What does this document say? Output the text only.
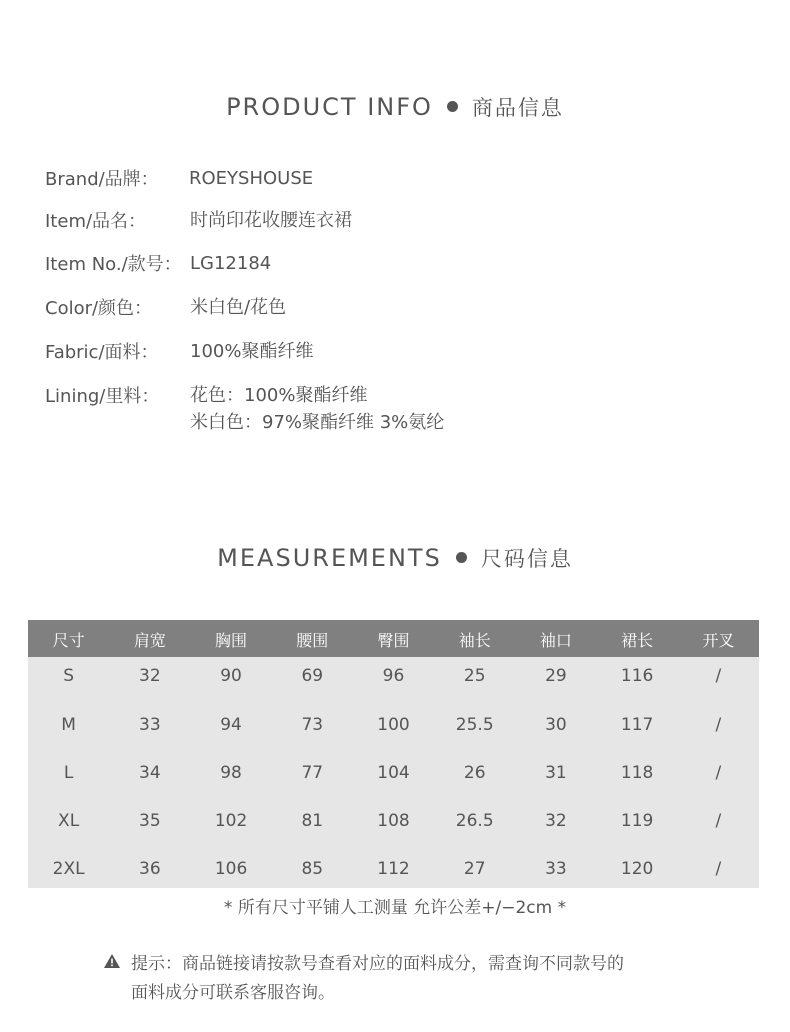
PRODUCT INFO 商品信息
Brand/品牌： ROEYSHOUSE
Item/品名： 时尚印花收腰连衣裙
Item No./款号： LG12184
Color/颜色： 米白色/花色
Fabric/面料： 100%聚酯纤维
Lining/里料： 花色：100%聚酯纤维
米白色：97%聚酯纤维 3%氨纶
MEASUREMENTS 尺码信息
尺寸	肩宽	胸围	腰围	臀围	袖长	袖口	裙长	开叉
S	32	90	69	96	25	29	116	/
M	33	94	73	100	25.5	30	117	/
L	34	98	77	104	26	31	118	/
XL	35	102	81	108	26.5	32	119	/
2XL	36	106	85	112	27	33	120	/
* 所有尺寸平铺人工测量 允许公差+/−2cm *
提示：商品链接请按款号查看对应的面料成分，需查询不同款号的
面料成分可联系客服咨询。
